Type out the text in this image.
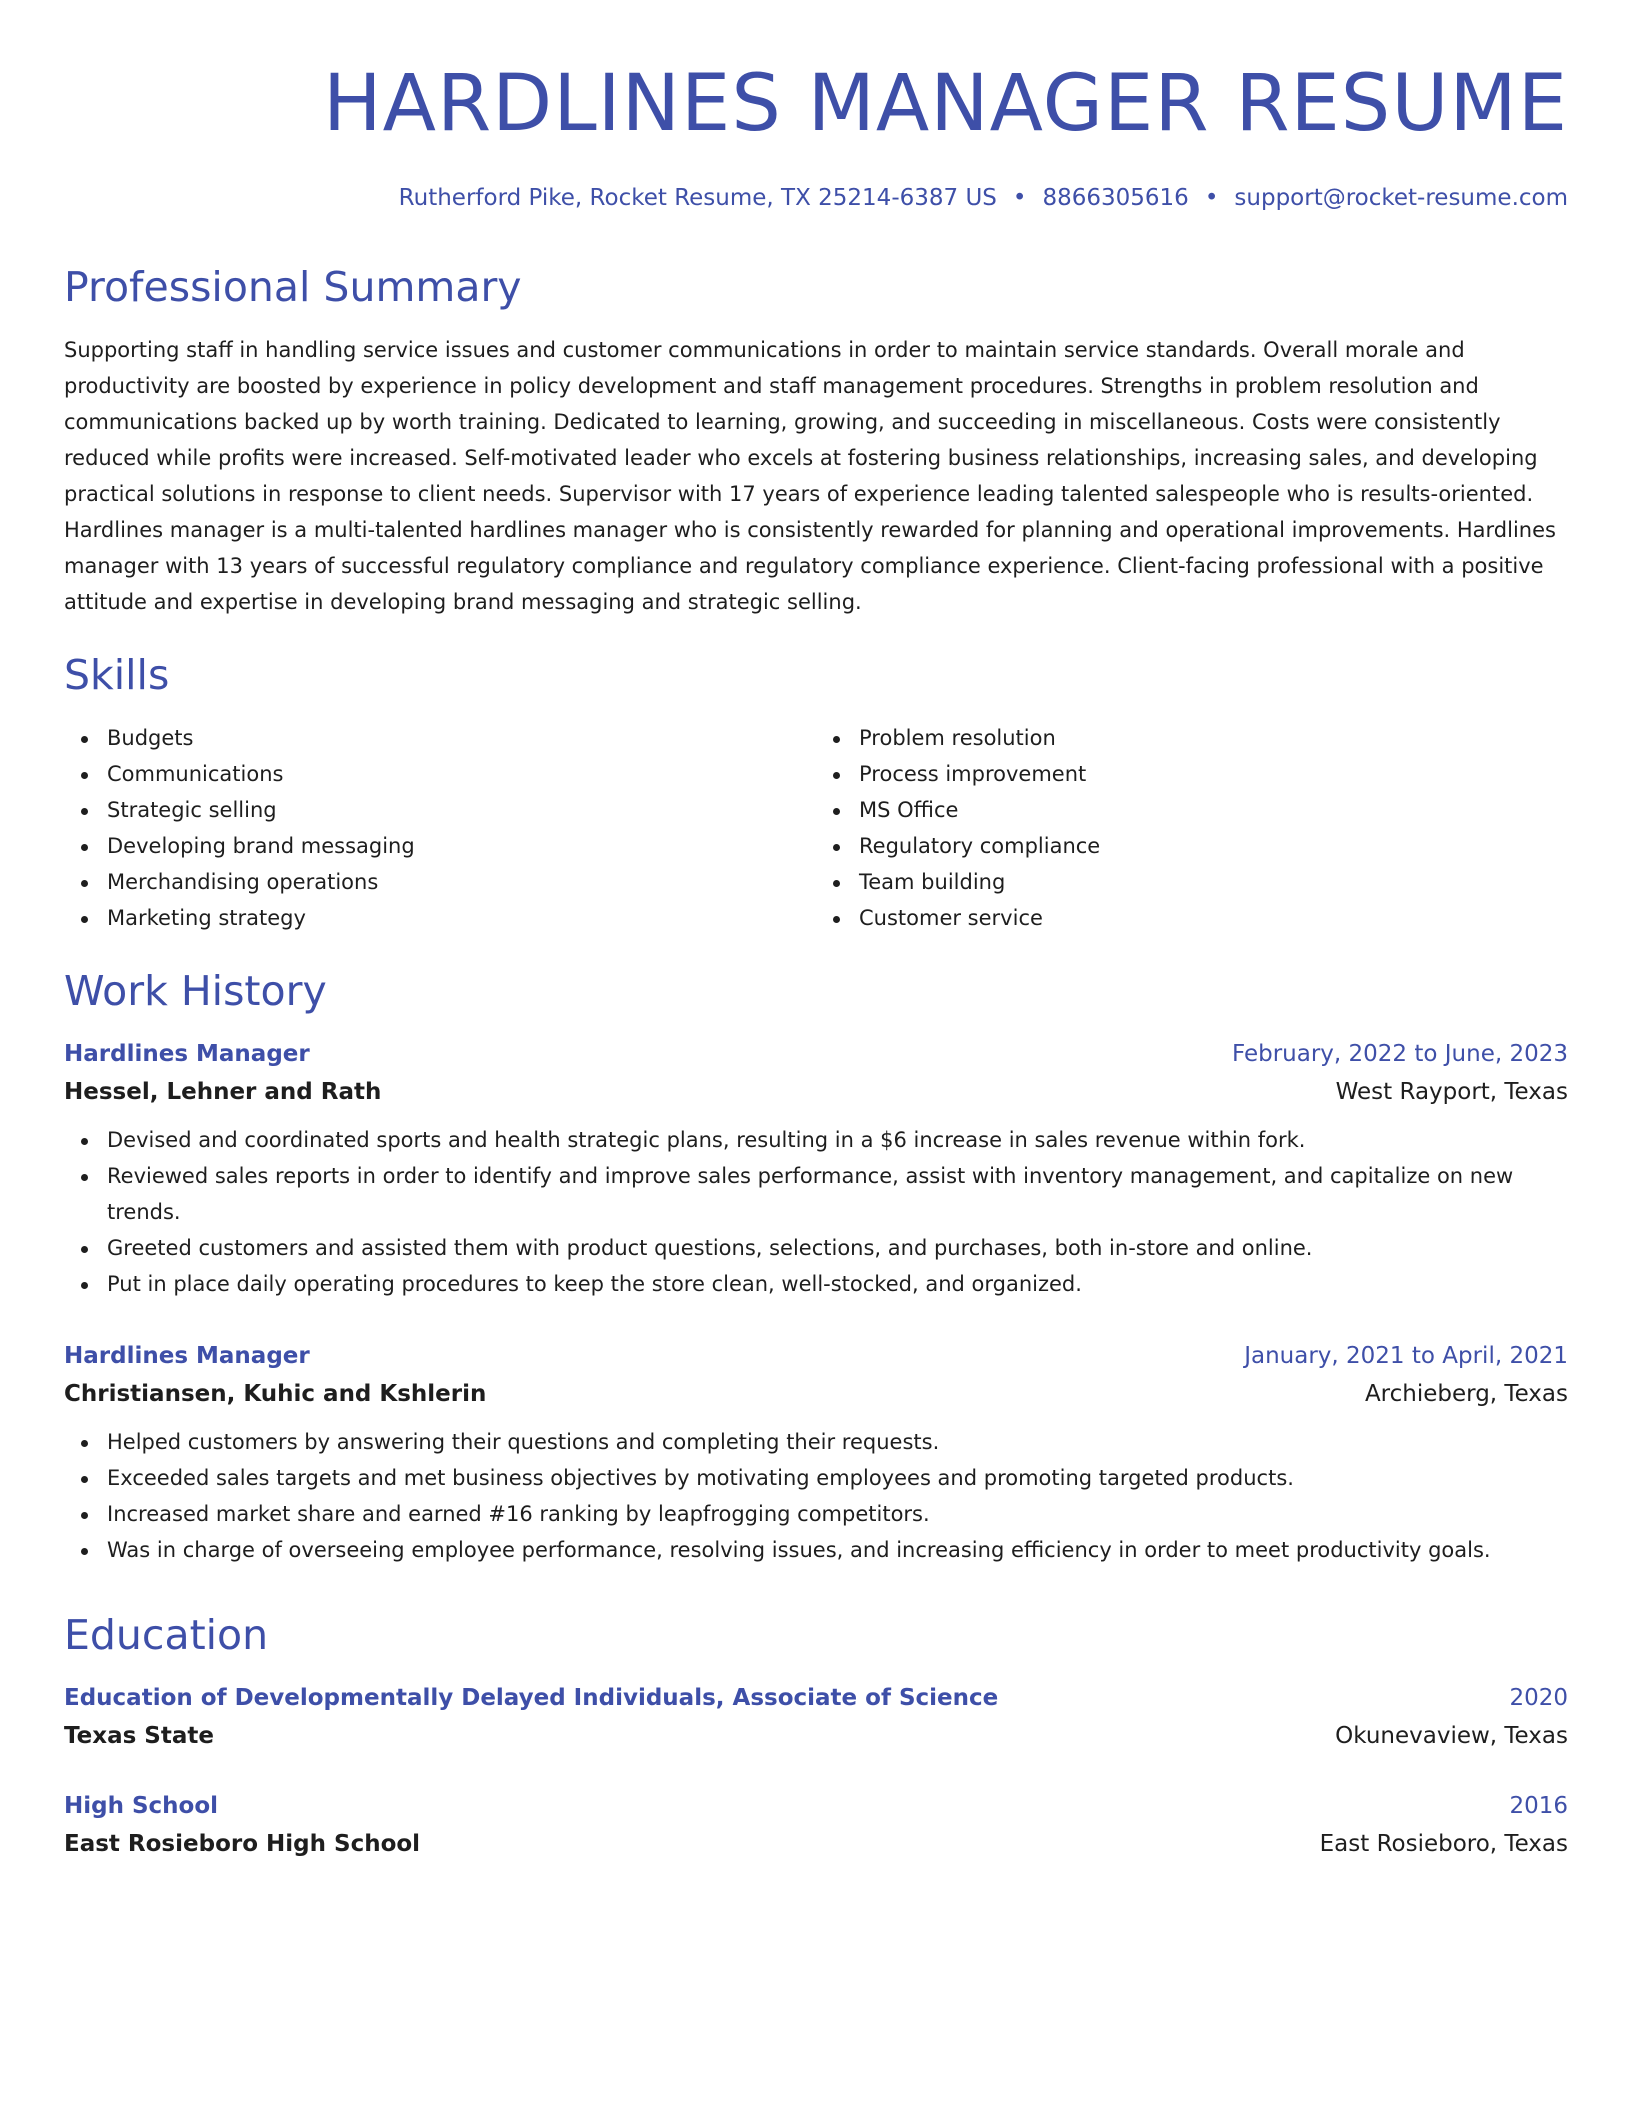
HARDLINES MANAGER RESUME
Rutherford Pike, Rocket Resume, TX 25214-6387 US • 8866305616 • support@rocket-resume.com
Professional Summary

Supporting staff in handling service issues and customer communications in order to maintain service standards. Overall morale and productivity are boosted by experience in policy development and staff management procedures. Strengths in problem resolution and communications backed up by worth training. Dedicated to learning, growing, and succeeding in miscellaneous. Costs were consistently reduced while profits were increased. Self-motivated leader who excels at fostering business relationships, increasing sales, and developing practical solutions in response to client needs. Supervisor with 17 years of experience leading talented salespeople who is results-oriented. Hardlines manager is a multi-talented hardlines manager who is consistently rewarded for planning and operational improvements. Hardlines manager with 13 years of successful regulatory compliance and regulatory compliance experience. Client-facing professional with a positive attitude and expertise in developing brand messaging and strategic selling.

Skills
Budgets
Communications
Strategic selling
Developing brand messaging
Merchandising operations
Marketing strategy
Problem resolution
Process improvement
MS Office
Regulatory compliance
Team building
Customer service
Work History
Hardlines Manager	February, 2022 to June, 2023
Hessel, Lehner and Rath	West Rayport, Texas
Devised and coordinated sports and health strategic plans, resulting in a $6 increase in sales revenue within fork.
Reviewed sales reports in order to identify and improve sales performance, assist with inventory management, and capitalize on new trends.
Greeted customers and assisted them with product questions, selections, and purchases, both in-store and online.
Put in place daily operating procedures to keep the store clean, well-stocked, and organized.
Hardlines Manager	January, 2021 to April, 2021
Christiansen, Kuhic and Kshlerin	Archieberg, Texas
Helped customers by answering their questions and completing their requests.
Exceeded sales targets and met business objectives by motivating employees and promoting targeted products.
Increased market share and earned #16 ranking by leapfrogging competitors.
Was in charge of overseeing employee performance, resolving issues, and increasing efficiency in order to meet productivity goals.
Education
Education of Developmentally Delayed Individuals, Associate of Science	2020
Texas State	Okunevaview, Texas
High School	2016
East Rosieboro High School	East Rosieboro, Texas
